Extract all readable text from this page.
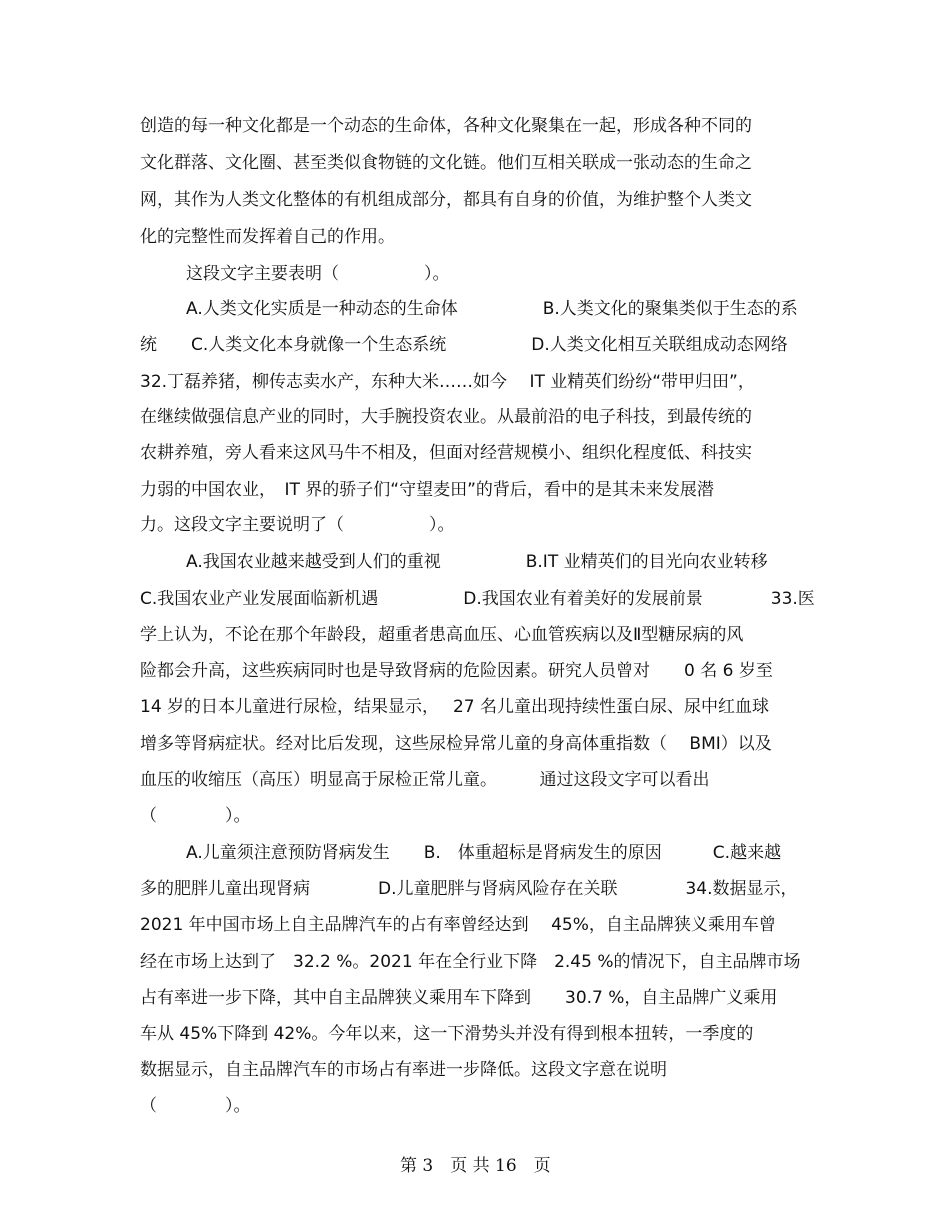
创造的每一种文化都是一个动态的生命体，各种文化聚集在一起，形成各种不同的
文化群落、文化圈、甚至类似食物链的文化链。他们互相关联成一张动态的生命之
网，其作为人类文化整体的有机组成部分，都具有自身的价值，为维护整个人类文
化的完整性而发挥着自己的作用。
这段文字主要表明（　　　　　）。
A.人类文化实质是一种动态的生命体　　　　　B.人类文化的聚集类似于生态的系
统　　C.人类文化本身就像一个生态系统　　　　　D.人类文化相互关联组成动态网络
32.丁磊养猪，柳传志卖水产，东种大米……如今　 IT 业精英们纷纷“带甲归田”，
在继续做强信息产业的同时，大手腕投资农业。从最前沿的电子科技，到最传统的
农耕养殖，旁人看来这风马牛不相及，但面对经营规模小、组织化程度低、科技实
力弱的中国农业，　IT 界的骄子们“守望麦田”的背后，看中的是其未来发展潜
力。这段文字主要说明了（　　　　　）。
A.我国农业越来越受到人们的重视　　　　　B.IT 业精英们的目光向农业转移
C.我国农业产业发展面临新机遇　　　　　D.我国农业有着美好的发展前景　　　　33.医
学上认为，不论在那个年龄段，超重者患高血压、心血管疾病以及Ⅱ型糖尿病的风
险都会升高，这些疾病同时也是导致肾病的危险因素。研究人员曾对　　0 名 6 岁至
14 岁的日本儿童进行尿检，结果显示，　 27 名儿童出现持续性蛋白尿、尿中红血球
增多等肾病症状。经对比后发现，这些尿检异常儿童的身高体重指数（　 BMI）以及
血压的收缩压（高压）明显高于尿检正常儿童。　　　通过这段文字可以看出
（　　　　）。
A.儿童须注意预防肾病发生　　B.　体重超标是肾病发生的原因　　　C.越来越
多的肥胖儿童出现肾病　　　　D.儿童肥胖与肾病风险存在关联　　　　34.数据显示，
2021 年中国市场上自主品牌汽车的占有率曾经达到　 45%，自主品牌狭义乘用车曾
经在市场上达到了　32.2 %。2021 年在全行业下降　2.45 %的情况下，自主品牌市场
占有率进一步下降，其中自主品牌狭义乘用车下降到　　30.7 %，自主品牌广义乘用
车从 45%下降到 42%。今年以来，这一下滑势头并没有得到根本扭转，一季度的
数据显示，自主品牌汽车的市场占有率进一步降低。这段文字意在说明
（　　　　）。
第 3　页 共 16　页
